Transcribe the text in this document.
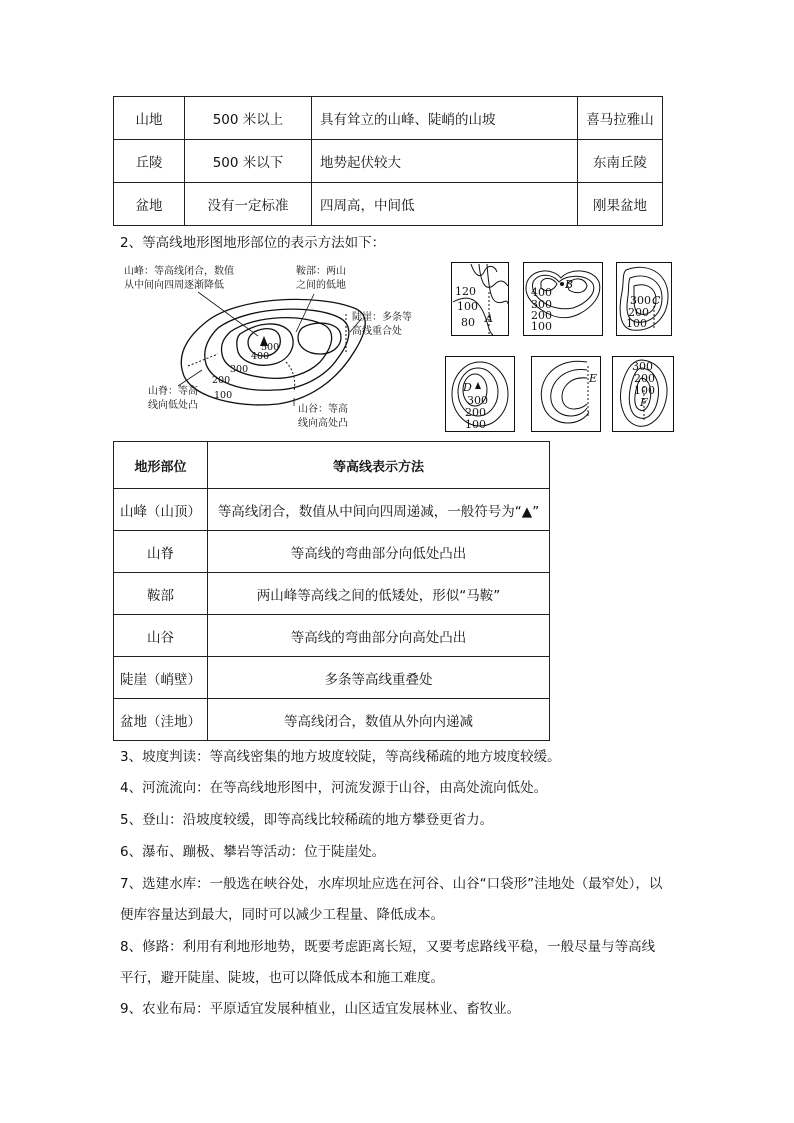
山地	500 米以上	具有耸立的山峰、陡峭的山坡	喜马拉雅山
丘陵	500 米以下	地势起伏较大	东南丘陵
盆地	没有一定标准	四周高，中间低	刚果盆地
2、等高线地形图地形部位的表示方法如下：
500
400
300
200
100
山峰：等高线闭合，数值
从中间向四周逐渐降低
鞍部：两山
之间的低地
陡崖：多条等
高线重合处
山脊：等高
线向低处凸	山谷：等高
线向高处凸
120
100
80 A
B
400
300
200
100
C
300
200
100
D
300
200
100
E
300
200
100
F
地形部位	等高线表示方法
山峰（山顶）	等高线闭合，数值从中间向四周递减，一般符号为“▲”
山脊	等高线的弯曲部分向低处凸出
鞍部	两山峰等高线之间的低矮处，形似“马鞍”
山谷	等高线的弯曲部分向高处凸出
陡崖（峭壁）	多条等高线重叠处
盆地（洼地）	等高线闭合，数值从外向内递减
3、坡度判读：等高线密集的地方坡度较陡，等高线稀疏的地方坡度较缓。
4、河流流向：在等高线地形图中，河流发源于山谷，由高处流向低处。
5、登山：沿坡度较缓，即等高线比较稀疏的地方攀登更省力。
6、瀑布、蹦极、攀岩等活动：位于陡崖处。
7、选建水库：一般选在峡谷处，水库坝址应选在河谷、山谷“口袋形”洼地处（最窄处），以
便库容量达到最大，同时可以减少工程量、降低成本。
8、修路：利用有利地形地势，既要考虑距离长短，又要考虑路线平稳，一般尽量与等高线
平行，避开陡崖、陡坡，也可以降低成本和施工难度。
9、农业布局：平原适宜发展种植业，山区适宜发展林业、畜牧业。
